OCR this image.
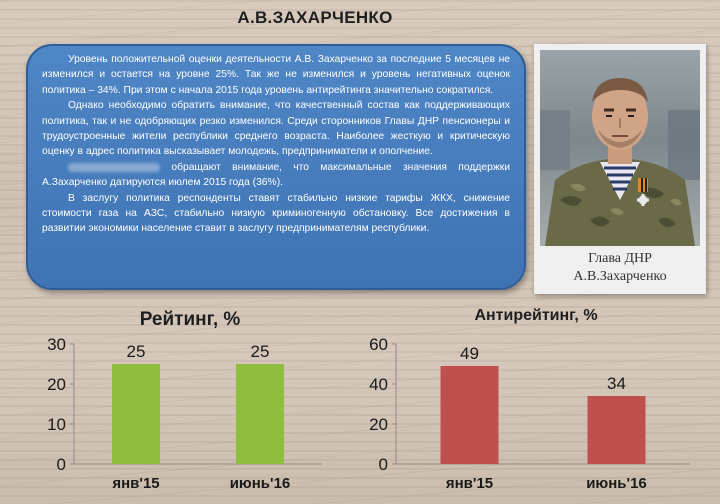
А.В.ЗАХАРЧЕНКО

Уровень положительной оценки деятельности А.В. Захарченко за последние 5 месяцев не изменился и остается на уровне 25%. Так же не изменился и уровень негативных оценок политика – 34%. При этом с начала 2015 года уровень антирейтинга значительно сократился.

Однако необходимо обратить внимание, что качественный состав как поддерживающих политика, так и не одобряющих резко изменился. Среди сторонников Главы ДНР пенсионеры и трудоустроенные жители республики среднего возраста. Наиболее жесткую и критическую оценку в адрес политика высказывает молодежь, предприниматели и ополчение.

обращают внимание, что максимальные значения поддержки А.Захарченко датируются июлем 2015 года (36%).

В заслугу политика респонденты ставят стабильно низкие тарифы ЖКХ, снижение стоимости газа на АЗС, стабильно низкую криминогенную обстановку. Все достижения в развитии экономики население ставит в заслугу предпринимателям республики.

Глава ДНР
А.В.Захарченко
Рейтинг, %	Антирейтинг, %
0
10
20
30	25
янв'15
25
июнь'16
0
20
40
60	49
янв'15
34
июнь'16
